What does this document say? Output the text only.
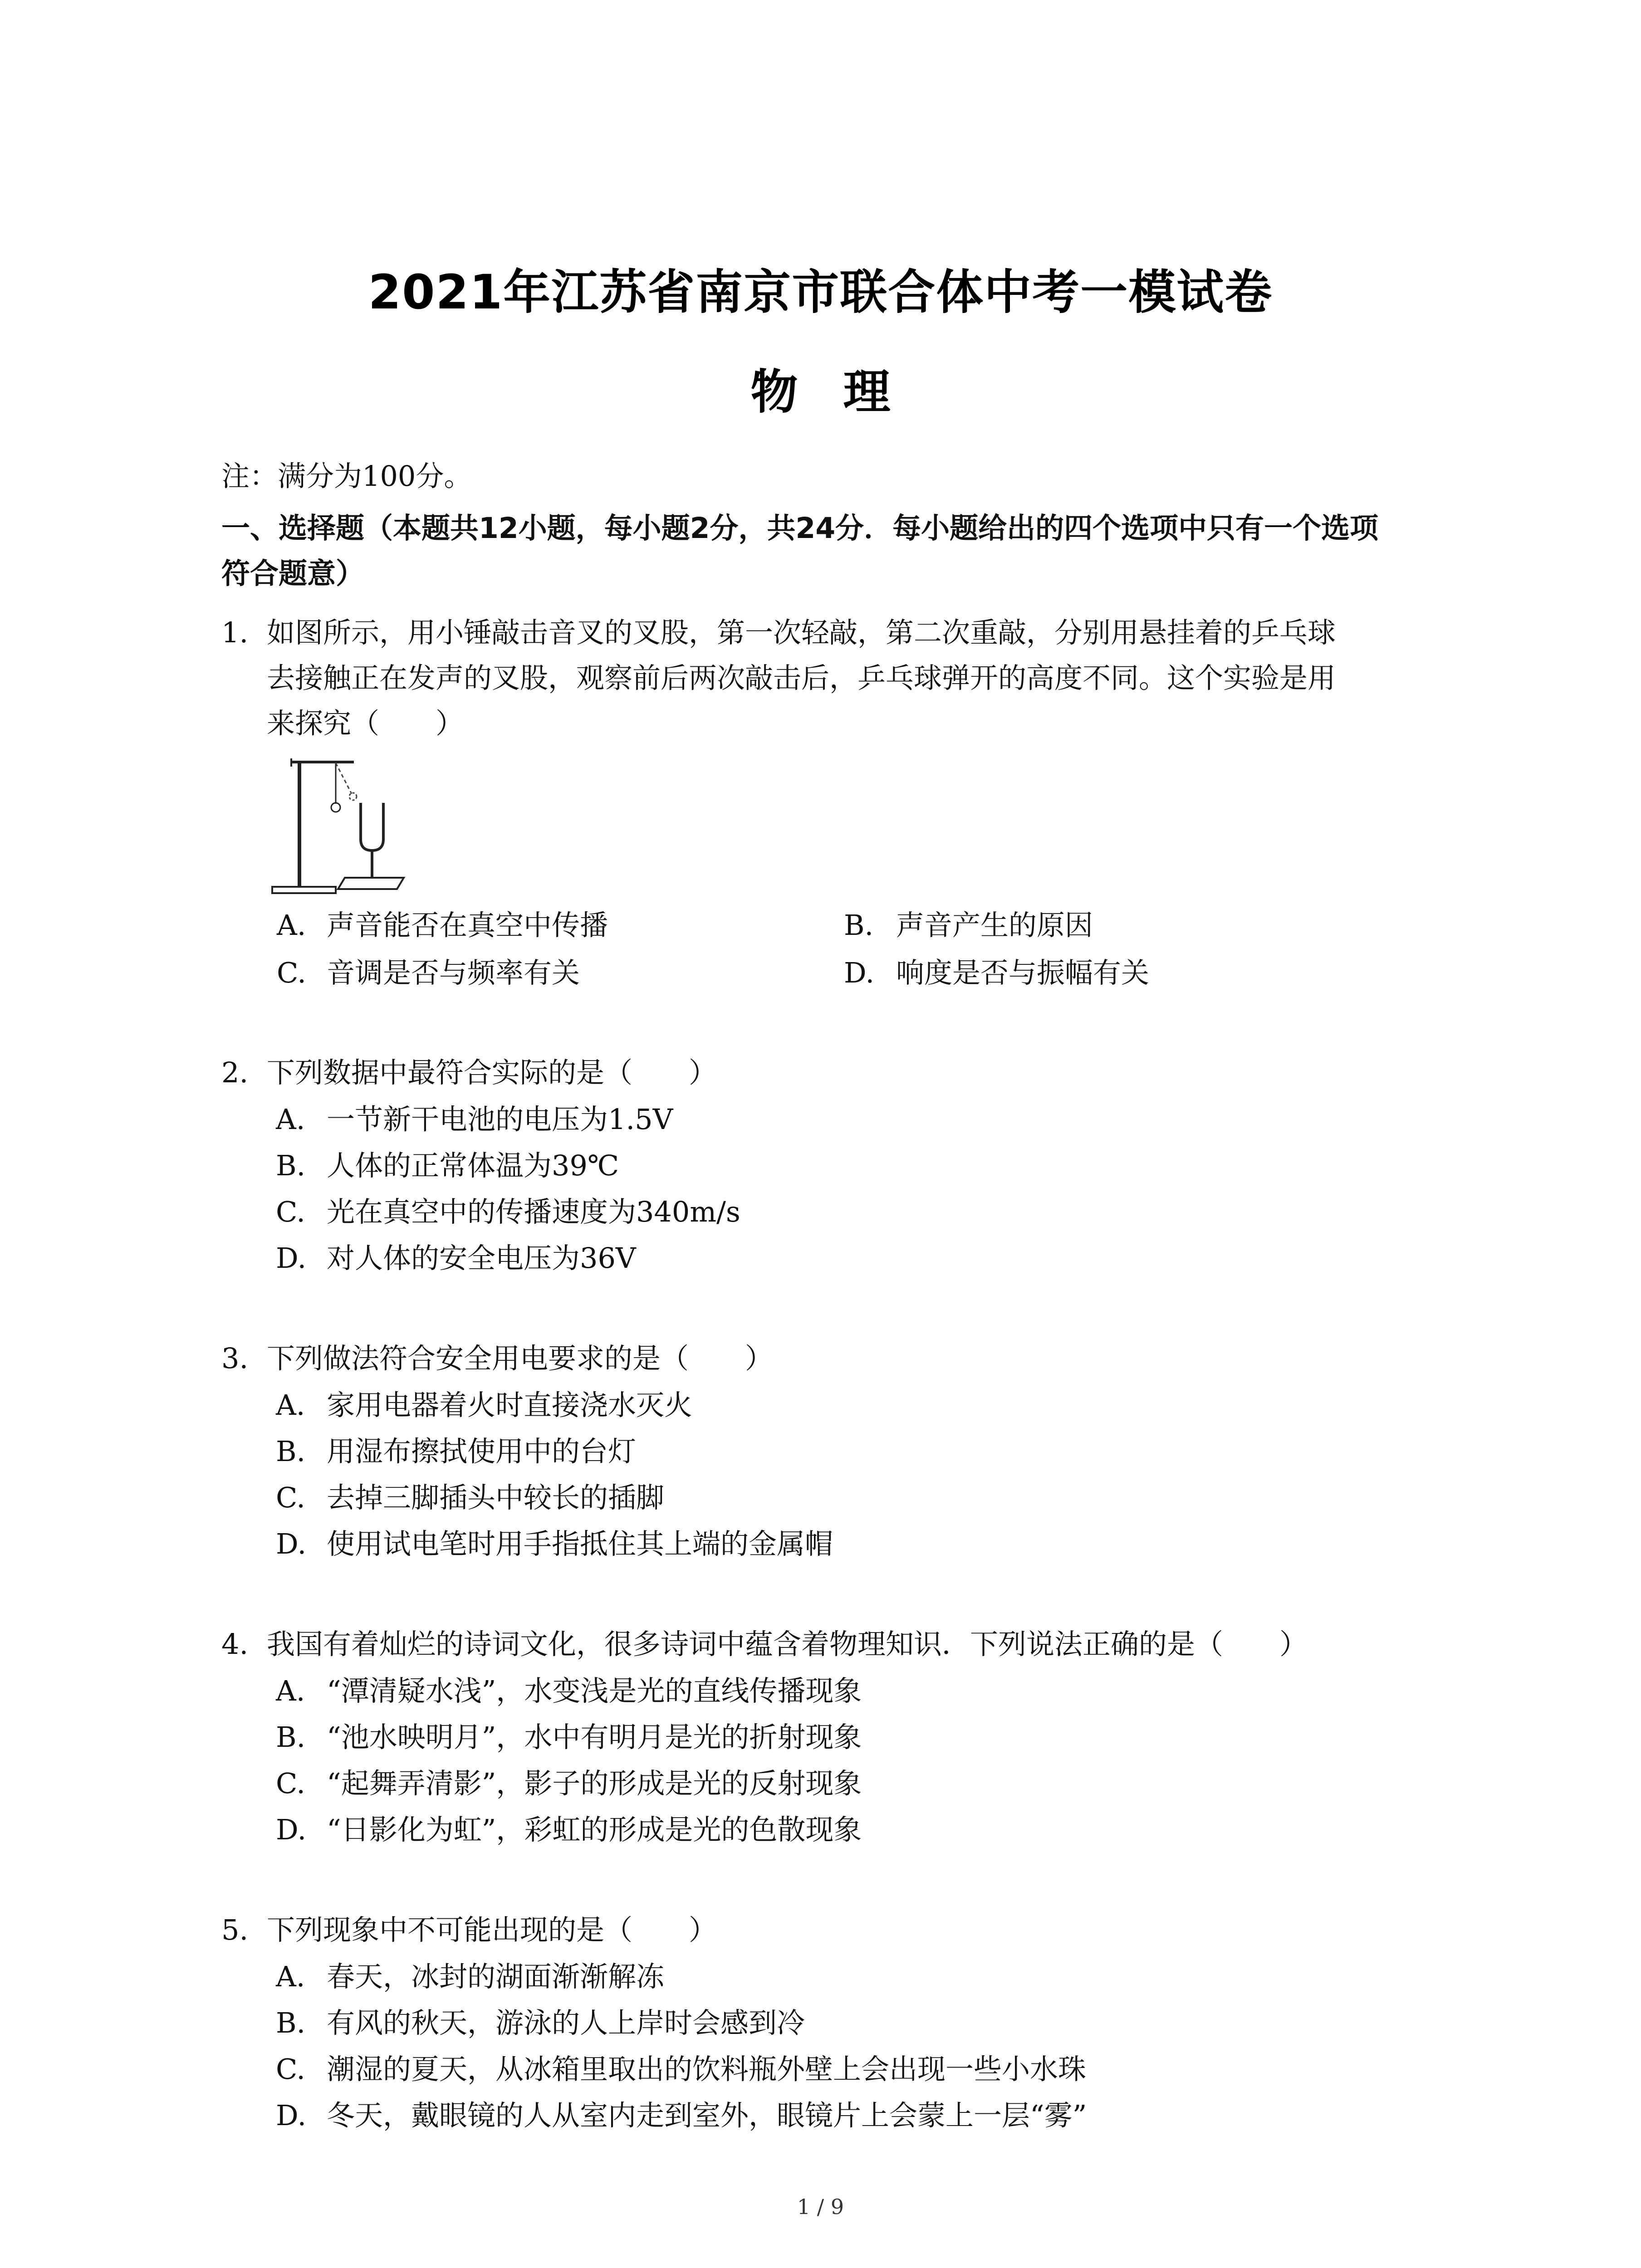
2021年江苏省南京市联合体中考一模试卷
物理
注：满分为100分。
一、选择题（本题共12小题，每小题2分，共24分．每小题给出的四个选项中只有一个选项
符合题意）
1. 如图所示，用小锤敲击音叉的叉股，第一次轻敲，第二次重敲，分别用悬挂着的乒乓球
去接触正在发声的叉股，观察前后两次敲击后，乒乓球弹开的高度不同。这个实验是用
来探究（　　）
A. 声音能否在真空中传播	B. 声音产生的原因
C. 音调是否与频率有关	D. 响度是否与振幅有关
2. 下列数据中最符合实际的是（　　）
A. 一节新干电池的电压为1.5V
B. 人体的正常体温为39℃
C. 光在真空中的传播速度为340m/s
D. 对人体的安全电压为36V
3. 下列做法符合安全用电要求的是（　　）
A. 家用电器着火时直接浇水灭火
B. 用湿布擦拭使用中的台灯
C. 去掉三脚插头中较长的插脚
D. 使用试电笔时用手指抵住其上端的金属帽
4. 我国有着灿烂的诗词文化，很多诗词中蕴含着物理知识．下列说法正确的是（　　）
A. “潭清疑水浅”，水变浅是光的直线传播现象
B. “池水映明月”，水中有明月是光的折射现象
C. “起舞弄清影”，影子的形成是光的反射现象
D. “日影化为虹”，彩虹的形成是光的色散现象
5. 下列现象中不可能出现的是（　　）
A. 春天，冰封的湖面渐渐解冻
B. 有风的秋天，游泳的人上岸时会感到冷
C. 潮湿的夏天，从冰箱里取出的饮料瓶外壁上会出现一些小水珠
D. 冬天，戴眼镜的人从室内走到室外，眼镜片上会蒙上一层“雾”
1 / 9
